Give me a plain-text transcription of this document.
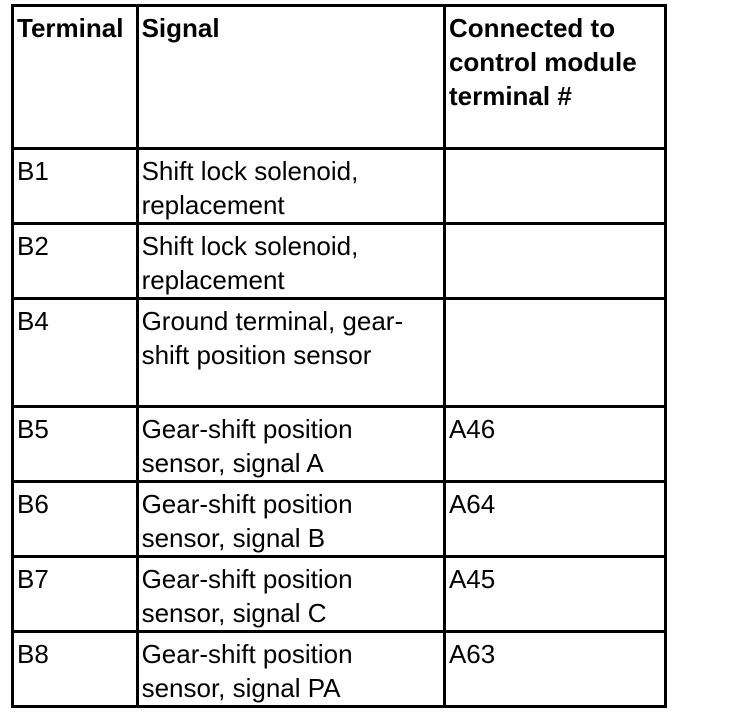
Terminal	Signal	Connected to control module terminal #
B1	Shift lock solenoid, replacement	
B2	Shift lock solenoid, replacement	
B4	Ground terminal, gear-shift position sensor	
B5	Gear-shift position sensor, signal A	A46
B6	Gear-shift position sensor, signal B	A64
B7	Gear-shift position sensor, signal C	A45
B8	Gear-shift position sensor, signal PA	A63
